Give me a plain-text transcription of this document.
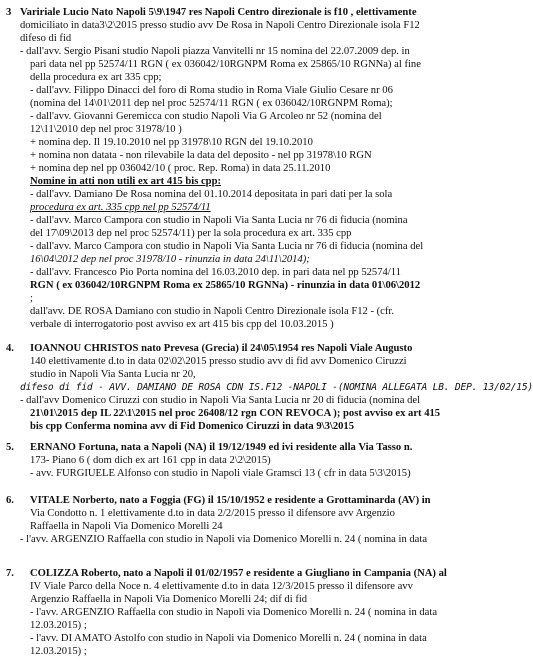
3 Variriale Lucio Nato Napoli 5\9\1947 res Napoli Centro direzionale is f10 , elettivamente
domiciliato in data3\2\2015 presso studio avv De Rosa in Napoli Centro Direzionale isola F12
difeso di fid
- dall'avv. Sergio Pisani studio Napoli piazza Vanvitelli nr 15 nomina del 22.07.2009 dep. in
pari data nel pp 52574/11 RGN ( ex 036042/10RGNPM Roma ex 25865/10 RGNNa) al fine
della procedura ex art 335 cpp;
- dall'avv. Filippo Dinacci del foro di Roma studio in Roma Viale Giulio Cesare nr 06
(nomina del 14\01\2011 dep nel proc 52574/11 RGN ( ex 036042/10RGNPM Roma);
- dall'avv. Giovanni Geremicca con studio Napoli Via G Arcoleo nr 52 (nomina del
12\11\2010 dep nel proc 31978/10 )
+ nomina dep. Il 19.10.2010 nel pp 31978\10 RGN del 19.10.2010
+ nomina non datata - non rilevabile la data del deposito - nel pp 31978\10 RGN
+ nomina dep nel pp 036042/10 ( proc. Rep. Roma) in data 25.11.2010
Nomine in atti non utili ex art 415 bis cpp:
- dall'avv. Damiano De Rosa nomina del 01.10.2014 depositata in pari dati per la sola
procedura ex art. 335 cpp nel pp 52574/11
- dall'avv. Marco Campora con studio in Napoli Via Santa Lucia nr 76 di fiducia (nomina
del 17\09\2013 dep nel proc 52574/11) per la sola procedura ex art. 335 cpp
- dall'avv. Marco Campora con studio in Napoli Via Santa Lucia nr 76 di fiducia (nomina del
16\04\2012 dep nel proc 31978/10 - rinunzia in data 24\11\2014);
- dall'avv. Francesco Pio Porta nomina del 16.03.2010 dep. in pari data nel pp 52574/11
RGN ( ex 036042/10RGNPM Roma ex 25865/10 RGNNa) - rinunzia in data 01\06\2012
;
dall'avv. DE ROSA Damiano con studio in Napoli Centro Direzionale isola F12 - (cfr.
verbale di interrogatorio post avviso ex art 415 bis cpp del 10.03.2015 )
4.	IOANNOU CHRISTOS nato Prevesa (Grecia) il 24\05\1954 res Napoli Viale Augusto
140 elettivamente d.to in data 02\02\2015 presso studio avv di fid avv Domenico Ciruzzi
studio in Napoli Via Santa Lucia nr 20,
difeso di fid - AVV. DAMIANO DE ROSA CDN IS.F12 -NAPOLI -(NOMINA ALLEGATA LB. DEP. 13/02/15)
- dall'avv Domenico Ciruzzi con studio in Napoli Via Santa Lucia nr 20 di fiducia (nomina del
21\01\2015 dep IL 22\1\2015 nel proc 26408/12 rgn CON REVOCA ); post avviso ex art 415
bis cpp Conferma nomina avv di Fid Domenico Ciruzzi in data 9\3\2015
5.	ERNANO Fortuna, nata a Napoli (NA) il 19/12/1949 ed ivi residente alla Via Tasso n.
173- Piano 6 ( dom dich ex art 161 cpp in data 2\2\2015)
- avv. FURGIUELE Alfonso con studio in Napoli viale Gramsci 13 ( cfr in data 5\3\2015)
6.	VITALE Norberto, nato a Foggia (FG) il 15/10/1952 e residente a Grottaminarda (AV) in
Via Condotto n. 1 elettivamente d.to in data 2/2/2015 presso il difensore avv Argenzio
Raffaella in Napoli Via Domenico Morelli 24
- l'avv. ARGENZIO Raffaella con studio in Napoli via Domenico Morelli n. 24 ( nomina in data
7.	COLIZZA Roberto, nato a Napoli il 01/02/1957 e residente a Giugliano in Campania (NA) al
IV Viale Parco della Noce n. 4 elettivamente d.to in data 12/3/2015 presso il difensore avv
Argenzio Raffaella in Napoli Via Domenico Morelli 24; dif di fid
- l'avv. ARGENZIO Raffaella con studio in Napoli via Domenico Morelli n. 24 ( nomina in data
12.03.2015) ;
- l'avv. DI AMATO Astolfo con studio in Napoli via Domenico Morelli n. 24 ( nomina in data
12.03.2015) ;
